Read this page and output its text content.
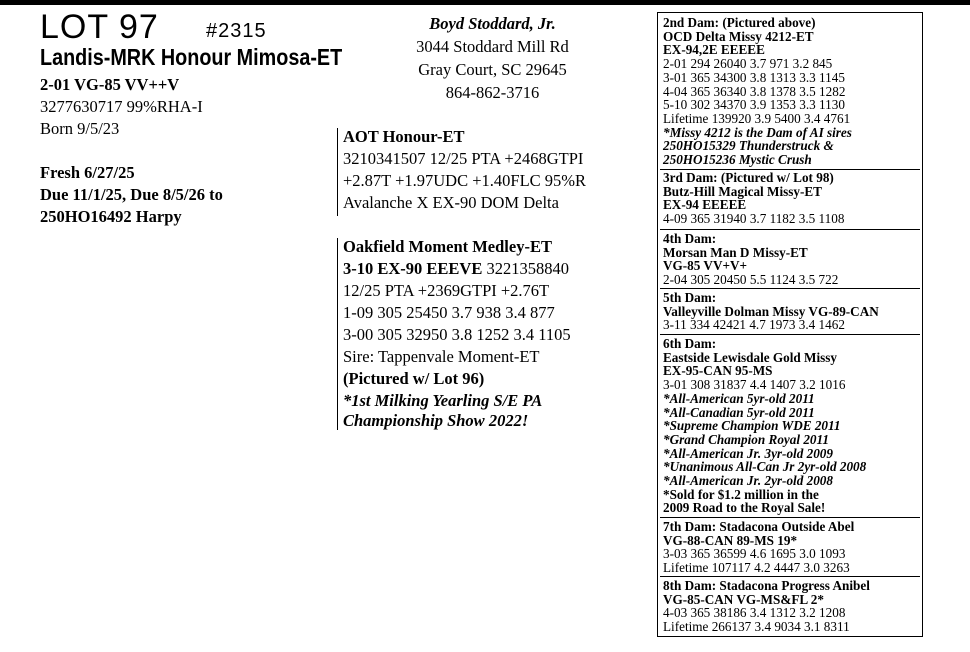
LOT 97 #2315
Landis-MRK Honour Mimosa-ET
2-01 VG-85 VV++V
3277630717 99%RHA-I
Born 9/5/23
Fresh 6/27/25
Due 11/1/25, Due 8/5/26 to
250HO16492 Harpy
Boyd Stoddard, Jr.
3044 Stoddard Mill Rd
Gray Court, SC 29645
864-862-3716
AOT Honour-ET
3210341507 12/25 PTA +2468GTPI
+2.87T +1.97UDC +1.40FLC 95%R
Avalanche X EX-90 DOM Delta
Oakfield Moment Medley-ET
3-10 EX-90 EEEVE 3221358840
12/25 PTA +2369GTPI +2.76T
1-09 305 25450 3.7 938 3.4 877
3-00 305 32950 3.8 1252 3.4 1105
Sire: Tappenvale Moment-ET
(Pictured w/ Lot 96)
*1st Milking Yearling S/E PA
Championship Show 2022!
2nd Dam: (Pictured above)
OCD Delta Missy 4212-ET
EX-94,2E EEEEE
2-01 294 26040 3.7 971 3.2 845
3-01 365 34300 3.8 1313 3.3 1145
4-04 365 36340 3.8 1378 3.5 1282
5-10 302 34370 3.9 1353 3.3 1130
Lifetime 139920 3.9 5400 3.4 4761
*Missy 4212 is the Dam of AI sires
250HO15329 Thunderstruck &
250HO15236 Mystic Crush
3rd Dam: (Pictured w/ Lot 98)
Butz-Hill Magical Missy-ET
EX-94 EEEEE
4-09 365 31940 3.7 1182 3.5 1108
4th Dam:
Morsan Man D Missy-ET
VG-85 VV+V+
2-04 305 20450 5.5 1124 3.5 722
5th Dam:
Valleyville Dolman Missy VG-89-CAN
3-11 334 42421 4.7 1973 3.4 1462
6th Dam:
Eastside Lewisdale Gold Missy
EX-95-CAN 95-MS
3-01 308 31837 4.4 1407 3.2 1016
*All-American 5yr-old 2011
*All-Canadian 5yr-old 2011
*Supreme Champion WDE 2011
*Grand Champion Royal 2011
*All-American Jr. 3yr-old 2009
*Unanimous All-Can Jr 2yr-old 2008
*All-American Jr. 2yr-old 2008
*Sold for $1.2 million in the
2009 Road to the Royal Sale!
7th Dam: Stadacona Outside Abel
VG-88-CAN 89-MS 19*
3-03 365 36599 4.6 1695 3.0 1093
Lifetime 107117 4.2 4447 3.0 3263
8th Dam: Stadacona Progress Anibel
VG-85-CAN VG-MS&FL 2*
4-03 365 38186 3.4 1312 3.2 1208
Lifetime 266137 3.4 9034 3.1 8311
